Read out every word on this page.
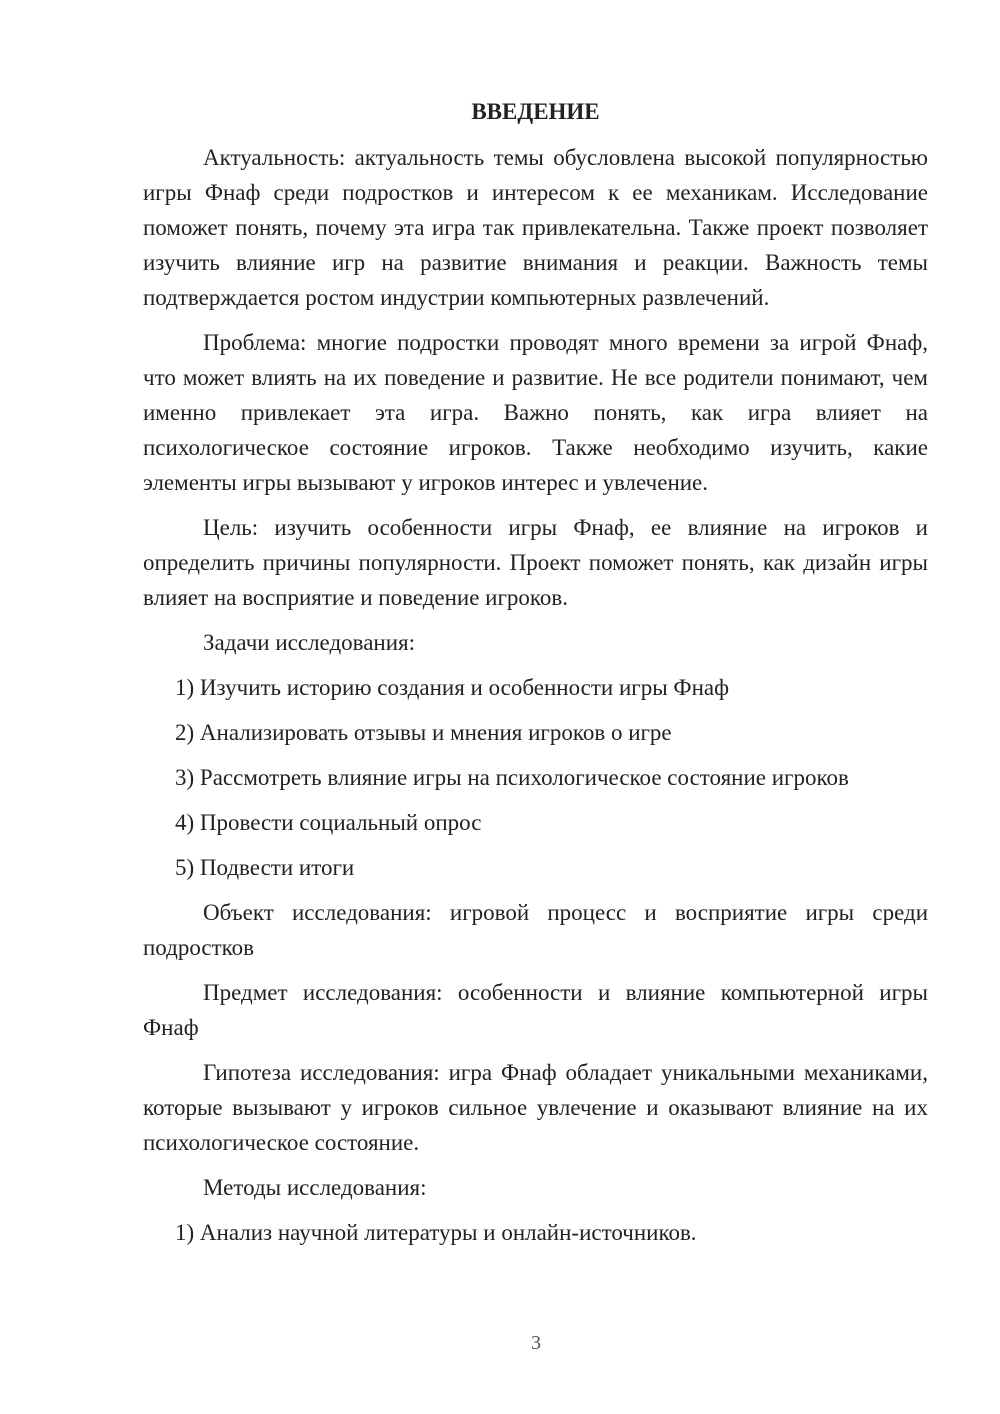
ВВЕДЕНИЕ

Актуальность: актуальность темы обусловлена высокой популярностью игры Фнаф среди подростков и интересом к ее механикам. Исследование поможет понять, почему эта игра так привлекательна. Также проект позволяет изучить влияние игр на развитие внимания и реакции. Важность темы подтверждается ростом индустрии компьютерных развлечений.

Проблема: многие подростки проводят много времени за игрой Фнаф, что может влиять на их поведение и развитие. Не все родители понимают, чем именно привлекает эта игра. Важно понять, как игра влияет на психологическое состояние игроков. Также необходимо изучить, какие элементы игры вызывают у игроков интерес и увлечение.

Цель: изучить особенности игры Фнаф, ее влияние на игроков и определить причины популярности. Проект поможет понять, как дизайн игры влияет на восприятие и поведение игроков.

Задачи исследования:

1) Изучить историю создания и особенности игры Фнаф
2) Анализировать отзывы и мнения игроков о игре
3) Рассмотреть влияние игры на психологическое состояние игроков
4) Провести социальный опрос
5) Подвести итоги

Объект исследования: игровой процесс и восприятие игры среди подростков

Предмет исследования: особенности и влияние компьютерной игры Фнаф

Гипотеза исследования: игра Фнаф обладает уникальными механиками, которые вызывают у игроков сильное увлечение и оказывают влияние на их психологическое состояние.

Методы исследования:

1) Анализ научной литературы и онлайн-источников.
3
